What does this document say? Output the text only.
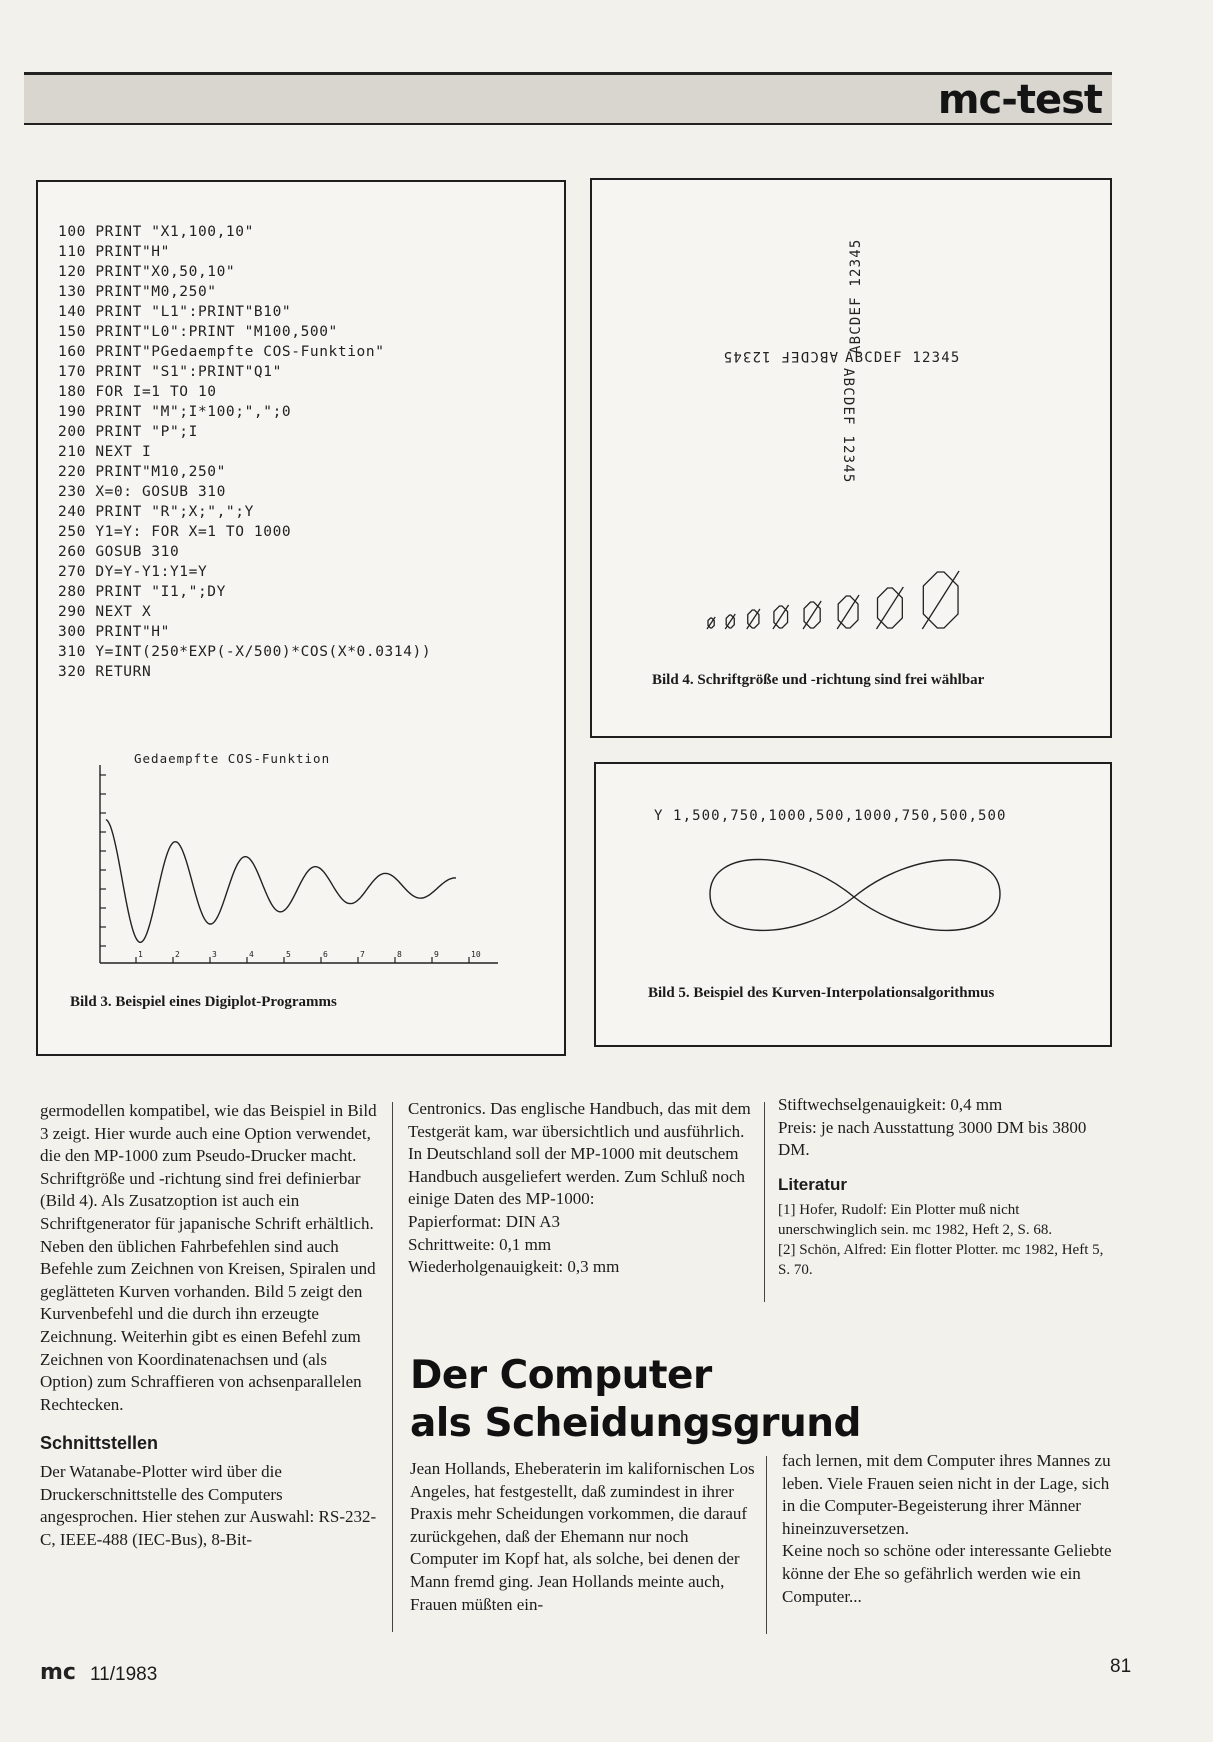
mc-test
100 PRINT "X1,100,10"
110 PRINT"H"
120 PRINT"X0,50,10"
130 PRINT"M0,250"
140 PRINT "L1":PRINT"B10"
150 PRINT"L0":PRINT "M100,500"
160 PRINT"PGedaempfte COS-Funktion"
170 PRINT "S1":PRINT"Q1"
180 FOR I=1 TO 10
190 PRINT "M";I*100;",";0
200 PRINT "P";I
210 NEXT I
220 PRINT"M10,250"
230 X=0: GOSUB 310
240 PRINT "R";X;",";Y
250 Y1=Y: FOR X=1 TO 1000
260 GOSUB 310
270 DY=Y-Y1:Y1=Y
280 PRINT "I1,";DY
290 NEXT X
300 PRINT"H"
310 Y=INT(250*EXP(-X/500)*COS(X*0.0314))
320 RETURN
Gedaempfte COS-Funktion
1	2	3	4	5	6	7	8	9	10
Bild 3. Beispiel eines Digiplot-Programms
ABCDEF 12345
ABCDEF 12345
ABCDEF 12345
ABCDEF 12345
Bild 4. Schriftgröße und -richtung sind frei wählbar
Y 1,500,750,1000,500,1000,750,500,500
Bild 5. Beispiel des Kurven-Interpolationsalgorithmus

germodellen kompatibel, wie das Beispiel in Bild 3 zeigt. Hier wurde auch eine Option verwendet, die den MP-1000 zum Pseudo-Drucker macht. Schriftgröße und -richtung sind frei definierbar (Bild 4). Als Zusatzoption ist auch ein Schriftgenerator für japanische Schrift erhältlich. Neben den üblichen Fahrbefehlen sind auch Befehle zum Zeichnen von Kreisen, Spiralen und geglätteten Kurven vorhanden. Bild 5 zeigt den Kurvenbefehl und die durch ihn erzeugte Zeichnung. Weiterhin gibt es einen Befehl zum Zeichnen von Koordinatenachsen und (als Option) zum Schraffieren von achsenparallelen Rechtecken.

Schnittstellen

Der Watanabe-Plotter wird über die Druckerschnittstelle des Computers angesprochen. Hier stehen zur Auswahl: RS-232-C, IEEE-488 (IEC-Bus), 8-Bit-

Centronics. Das englische Handbuch, das mit dem Testgerät kam, war übersichtlich und ausführlich. In Deutschland soll der MP-1000 mit deutschem Handbuch ausgeliefert werden. Zum Schluß noch einige Daten des MP-1000:

Papierformat: DIN A3

Schrittweite: 0,1 mm

Wiederholgenauigkeit: 0,3 mm

Stiftwechselgenauigkeit: 0,4 mm

Preis: je nach Ausstattung 3000 DM bis 3800 DM.

Literatur

[1] Hofer, Rudolf: Ein Plotter muß nicht unerschwinglich sein. mc 1982, Heft 2, S. 68.

[2] Schön, Alfred: Ein flotter Plotter. mc 1982, Heft 5, S. 70.

Der Computer
als Scheidungsgrund

Jean Hollands, Eheberaterin im kalifornischen Los Angeles, hat festgestellt, daß zumindest in ihrer Praxis mehr Scheidungen vorkommen, die darauf zurückgehen, daß der Ehemann nur noch Computer im Kopf hat, als solche, bei denen der Mann fremd ging. Jean Hollands meinte auch, Frauen müßten ein-

fach lernen, mit dem Computer ihres Mannes zu leben. Viele Frauen seien nicht in der Lage, sich in die Computer-Begeisterung ihrer Männer hineinzuversetzen.

Keine noch so schöne oder interessante Geliebte könne der Ehe so gefährlich werden wie ein Computer...

mc 11/1983	81
